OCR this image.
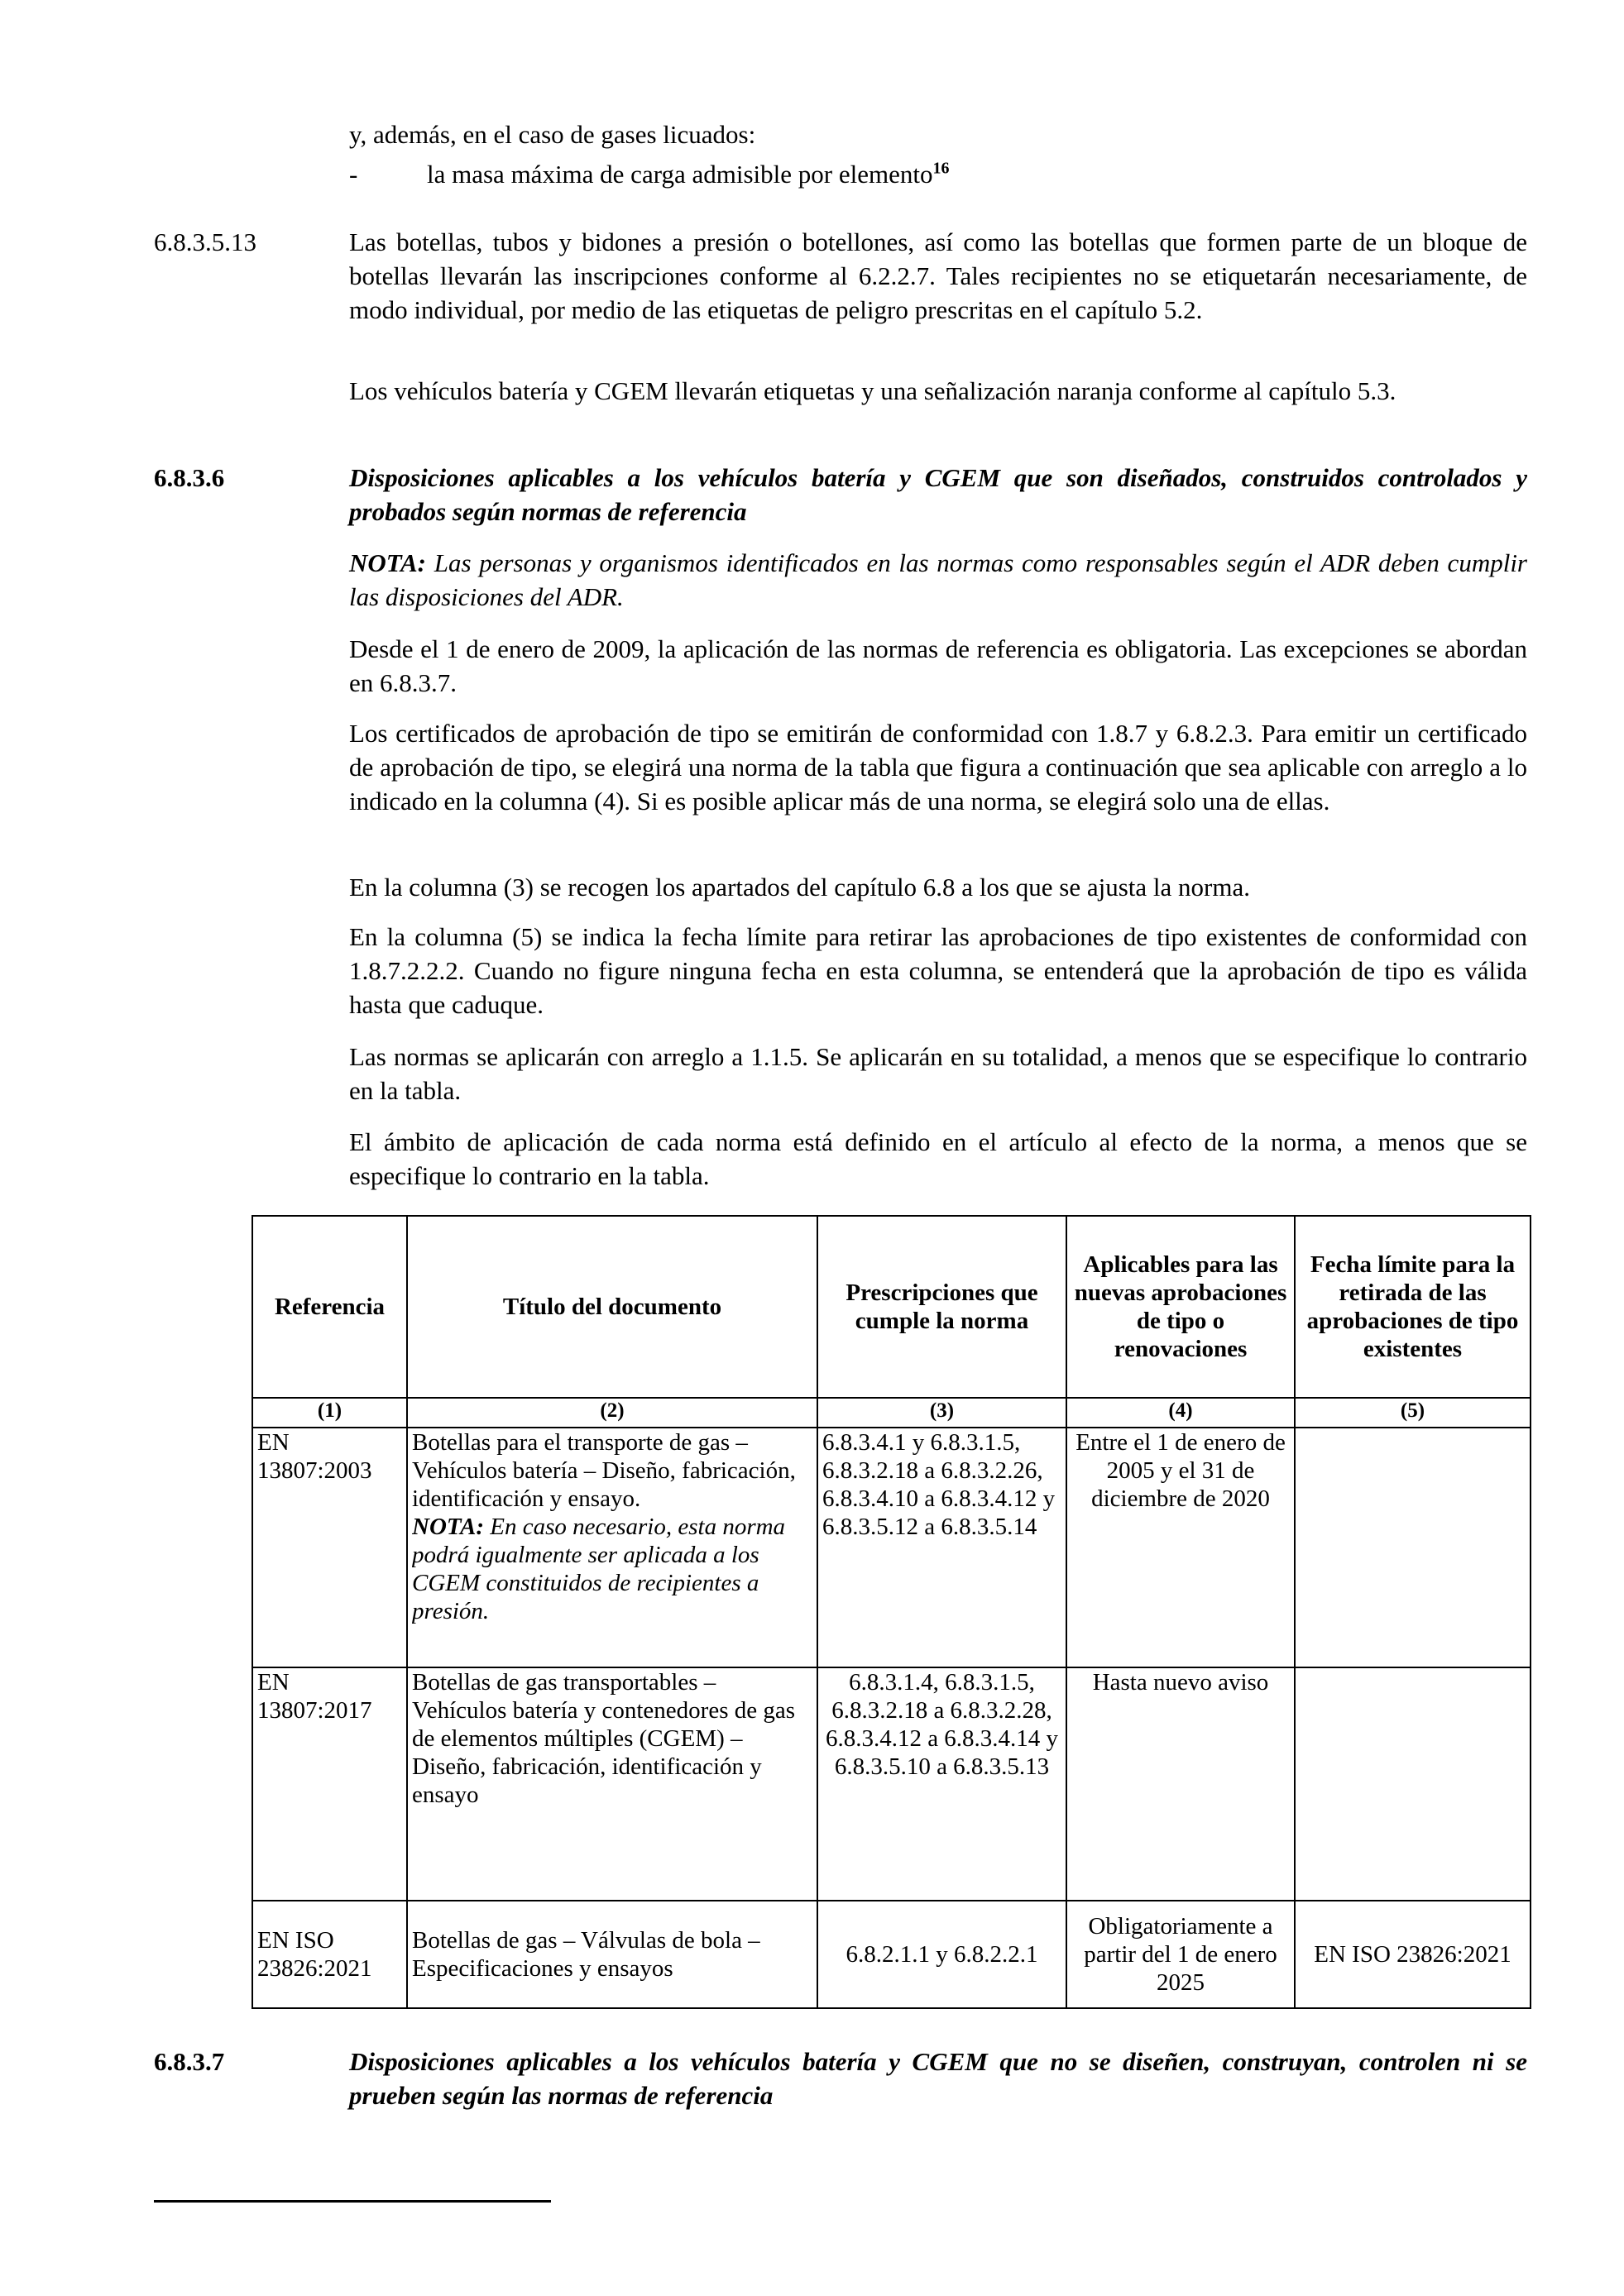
y, además, en el caso de gases licuados:

-	la masa máxima de carga admisible por elemento$^{16}$
6.8.3.5.13	Las botellas, tubos y bidones a presión o botellones, así como las botellas que formen parte de un bloque de botellas llevarán las inscripciones conforme al 6.2.2.7. Tales recipientes no se etiquetarán necesariamente, de modo individual, por medio de las etiquetas de peligro prescritas en el capítulo 5.2.

Los vehículos batería y CGEM llevarán etiquetas y una señalización naranja conforme al capítulo 5.3.

6.8.3.6	Disposiciones aplicables a los vehículos batería y CGEM que son diseñados, construidos controlados y probados según normas de referencia

NOTA: Las personas y organismos identificados en las normas como responsables según el ADR deben cumplir las disposiciones del ADR.

Desde el 1 de enero de 2009, la aplicación de las normas de referencia es obligatoria. Las excepciones se abordan en 6.8.3.7.

Los certificados de aprobación de tipo se emitirán de conformidad con 1.8.7 y 6.8.2.3. Para emitir un certificado de aprobación de tipo, se elegirá una norma de la tabla que figura a continuación que sea aplicable con arreglo a lo indicado en la columna (4). Si es posible aplicar más de una norma, se elegirá solo una de ellas.

En la columna (3) se recogen los apartados del capítulo 6.8 a los que se ajusta la norma.

En la columna (5) se indica la fecha límite para retirar las aprobaciones de tipo existentes de conformidad con 1.8.7.2.2.2. Cuando no figure ninguna fecha en esta columna, se entenderá que la aprobación de tipo es válida hasta que caduque.

Las normas se aplicarán con arreglo a 1.1.5. Se aplicarán en su totalidad, a menos que se especifique lo contrario en la tabla.

El ámbito de aplicación de cada norma está definido en el artículo al efecto de la norma, a menos que se especifique lo contrario en la tabla.

Referencia	Título del documento	Prescripciones que cumple la norma	Aplicables para las nuevas aprobaciones de tipo o renovaciones	Fecha límite para la retirada de las aprobaciones de tipo existentes
(1)	(2)	(3)	(4)	(5)

EN 13807:2003	Botellas para el transporte de gas – Vehículos batería – Diseño, fabricación, identificación y ensayo.
NOTA: En caso necesario, esta norma podrá igualmente ser aplicada a los CGEM constituidos de recipientes a presión.	6.8.3.4.1 y 6.8.3.1.5, 6.8.3.2.18 a 6.8.3.2.26, 6.8.3.4.10 a 6.8.3.4.12 y 6.8.3.5.12 a 6.8.3.5.14	Entre el 1 de enero de 2005 y el 31 de diciembre de 2020	

EN 13807:2017	Botellas de gas transportables – Vehículos batería y contenedores de gas de elementos múltiples (CGEM) – Diseño, fabricación, identificación y ensayo	6.8.3.1.4, 6.8.3.1.5, 6.8.3.2.18 a 6.8.3.2.28, 6.8.3.4.12 a 6.8.3.4.14 y 6.8.3.5.10 a 6.8.3.5.13	Hasta nuevo aviso	

EN ISO 23826:2021	Botellas de gas – Válvulas de bola – Especificaciones y ensayos	6.8.2.1.1 y 6.8.2.2.1	Obligatoriamente a partir del 1 de enero 2025	EN ISO 23826:2021
6.8.3.7	Disposiciones aplicables a los vehículos batería y CGEM que no se diseñen, construyan, controlen ni se prueben según las normas de referencia
